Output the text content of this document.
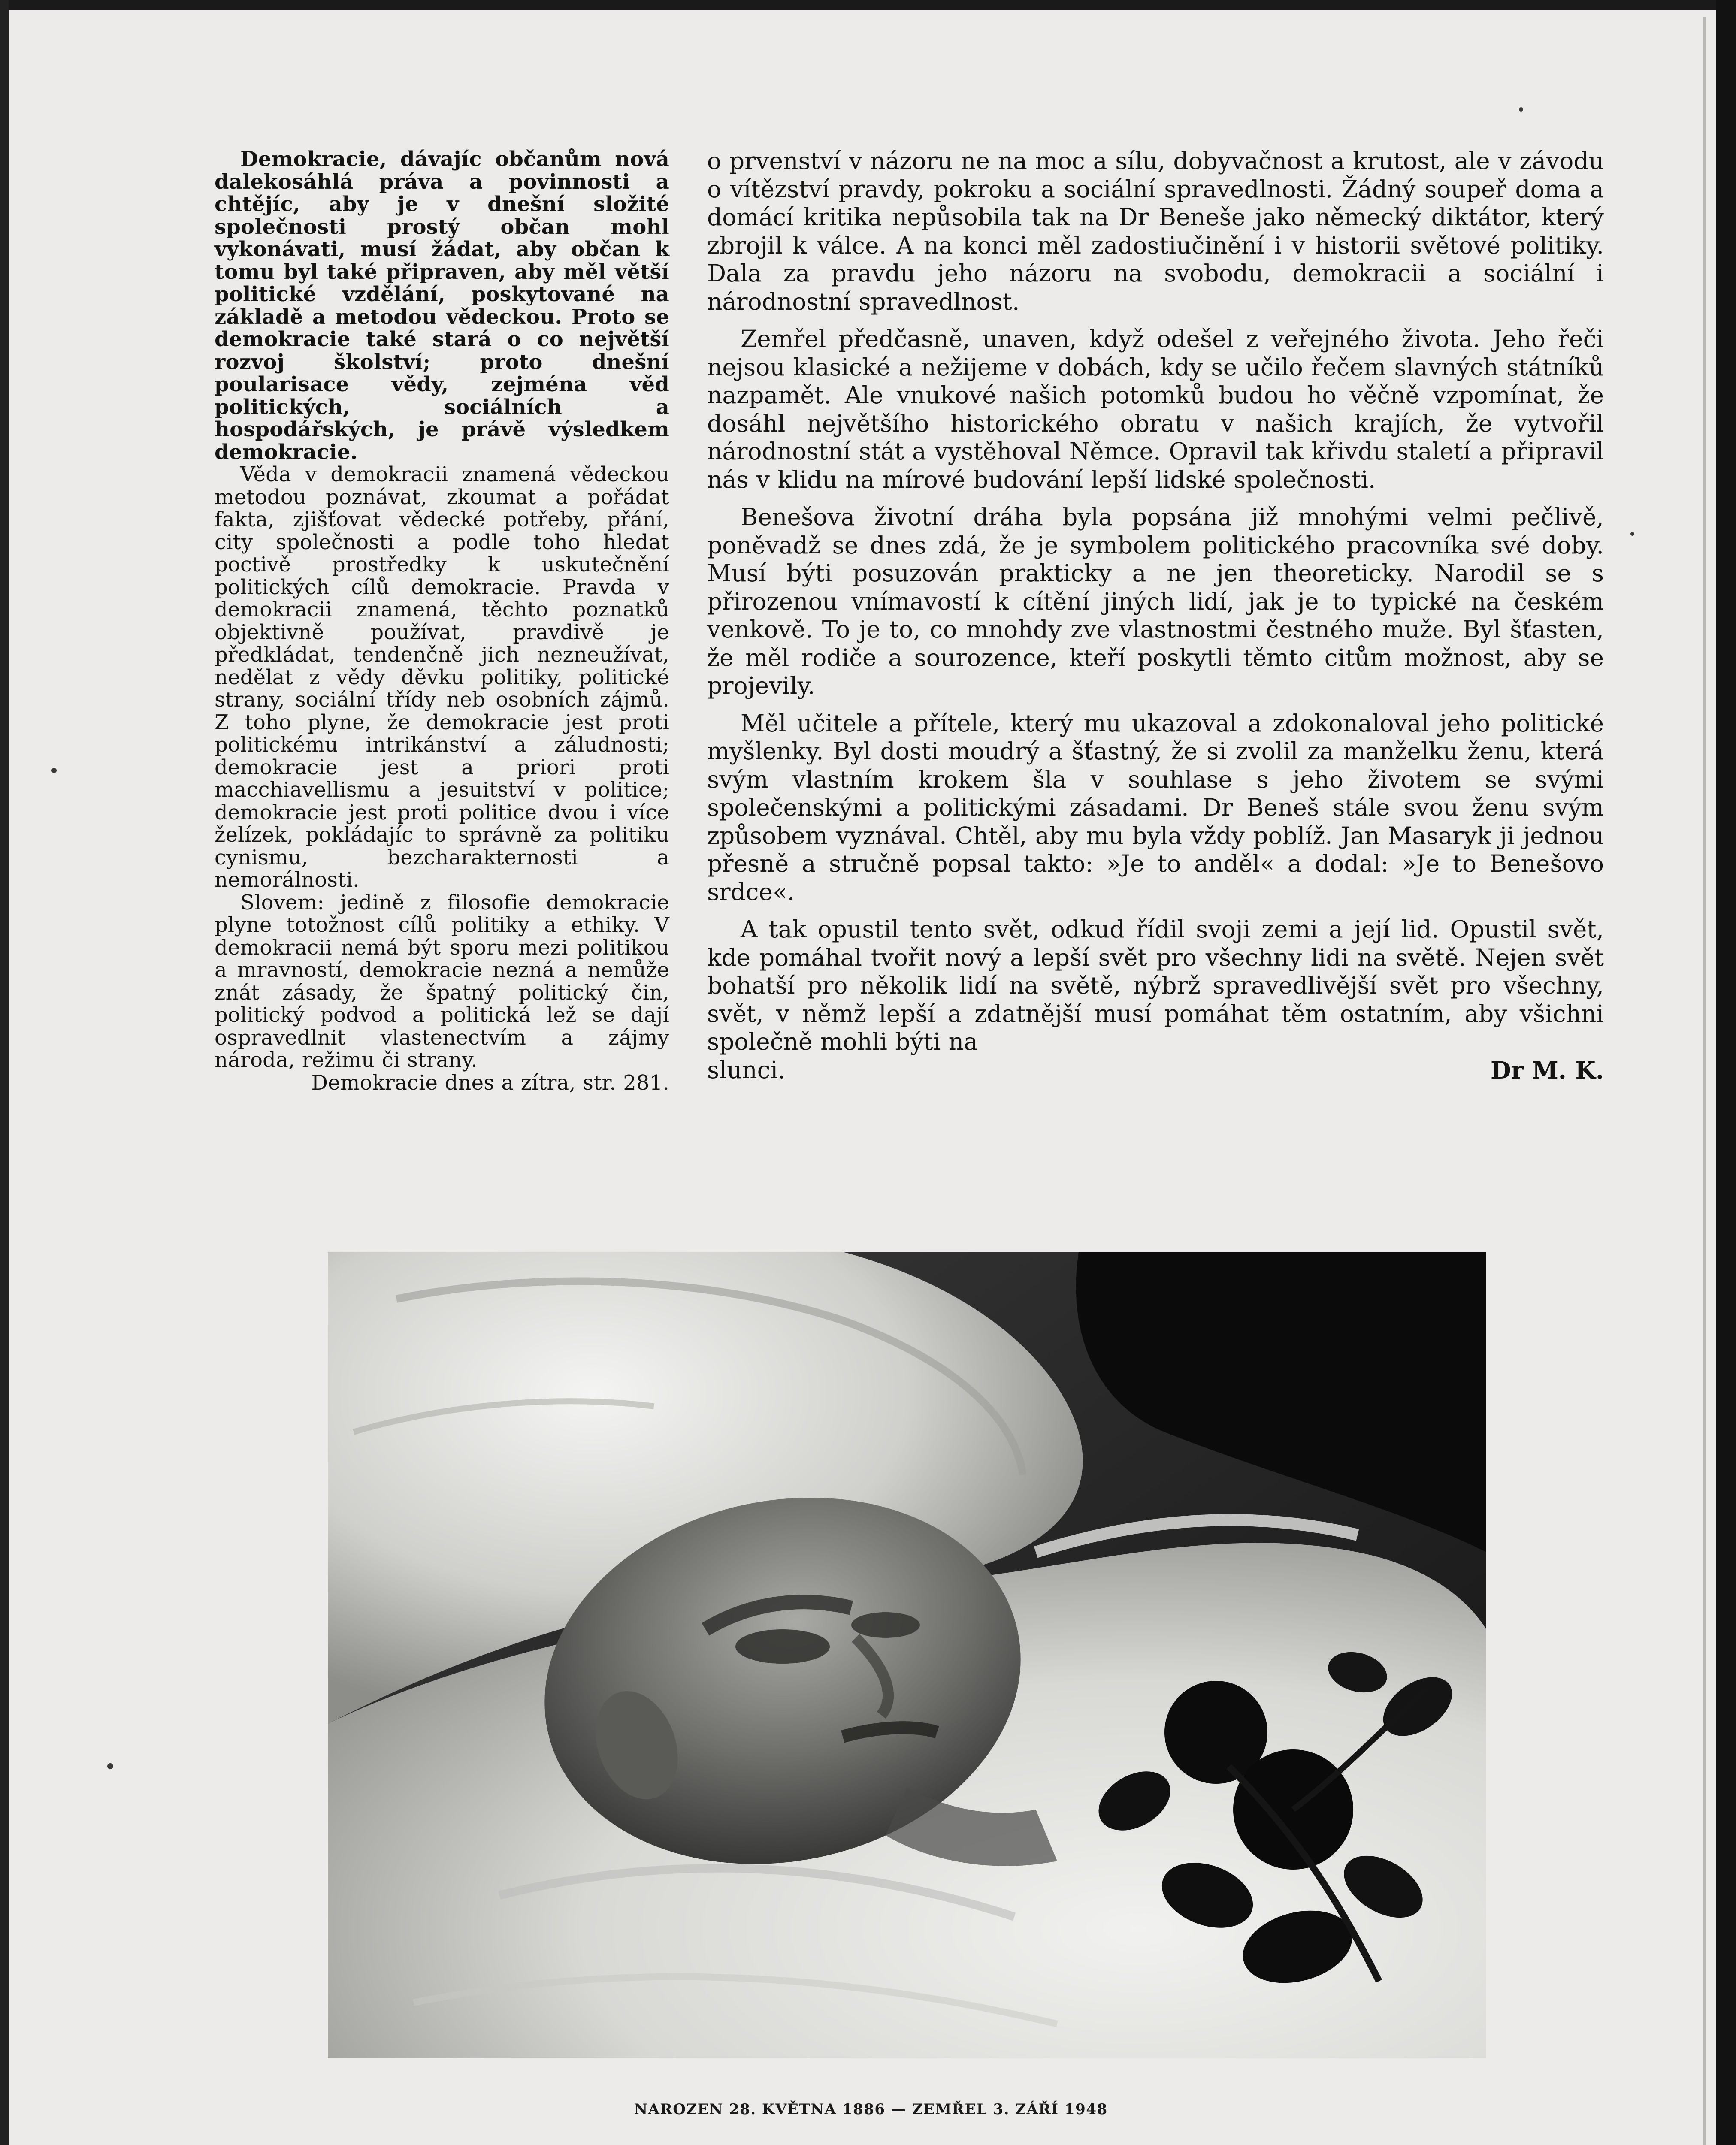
Demokracie, dávajíc občanům nová dalekosáhlá práva a povinnosti a chtějíc, aby je v dnešní složité společnosti prostý občan mohl vykonávati, musí žádat, aby občan k tomu byl také připraven, aby měl větší politické vzdělání, poskytované na základě a metodou vědeckou. Proto se demokracie také stará o co největší rozvoj školství; proto dnešní poularisace vědy, zejména věd politických, sociálních a hospodářských, je právě výsledkem demokracie.

Věda v demokracii znamená vědeckou metodou poznávat, zkoumat a pořádat fakta, zjišťovat vědecké potřeby, přání, city společnosti a podle toho hledat poctivě prostředky k uskutečnění politických cílů demokracie. Pravda v demokracii znamená, těchto poznatků objektivně používat, pravdivě je předkládat, tendenčně jich nezneužívat, nedělat z vědy děvku politiky, politické strany, sociální třídy neb osobních zájmů. Z toho plyne, že demokracie jest proti politickému intrikánství a záludnosti; demokracie jest a priori proti macchiavellismu a jesuitství v politice; demokracie jest proti politice dvou i více želízek, pokládajíc to správně za politiku cynismu, bezcharakternosti a nemorálnosti.

Slovem: jedině z filosofie demokracie plyne totožnost cílů politiky a ethiky. V demokracii nemá být sporu mezi politikou a mravností, demokracie nezná a nemůže znát zásady, že špatný politický čin, politický podvod a politická lež se dají ospravedlnit vlastenectvím a zájmy národa, režimu či strany.

Demokracie dnes a zítra, str. 281.

o prvenství v názoru ne na moc a sílu, dobyvačnost a krutost, ale v závodu o vítězství pravdy, pokroku a sociální spravedlnosti. Žádný soupeř doma a domácí kritika nepůsobila tak na Dr Beneše jako německý diktátor, který zbrojil k válce. A na konci měl zadostiučinění i v historii světové politiky. Dala za pravdu jeho názoru na svobodu, demokracii a sociální i národnostní spravedlnost.

Zemřel předčasně, unaven, když odešel z veřejného života. Jeho řeči nejsou klasické a nežijeme v dobách, kdy se učilo řečem slavných státníků nazpamět. Ale vnukové našich potomků budou ho věčně vzpomínat, že dosáhl největšího historického obratu v našich krajích, že vytvořil národnostní stát a vystěhoval Němce. Opravil tak křivdu staletí a připravil nás v klidu na mírové budování lepší lidské společnosti.

Benešova životní dráha byla popsána již mnohými velmi pečlivě, poněvadž se dnes zdá, že je symbolem politického pracovníka své doby. Musí býti posuzován prakticky a ne jen theoreticky. Narodil se s přirozenou vnímavostí k cítění jiných lidí, jak je to typické na českém venkově. To je to, co mnohdy zve vlastnostmi čestného muže. Byl šťasten, že měl rodiče a sourozence, kteří poskytli těmto citům možnost, aby se projevily.

Měl učitele a přítele, který mu ukazoval a zdokonaloval jeho politické myšlenky. Byl dosti moudrý a šťastný, že si zvolil za manželku ženu, která svým vlastním krokem šla v souhlase s jeho životem se svými společenskými a politickými zásadami. Dr Beneš stále svou ženu svým způsobem vyznával. Chtěl, aby mu byla vždy poblíž. Jan Masaryk ji jednou přesně a stručně popsal takto: »Je to anděl« a dodal: »Je to Benešovo srdce«.

A tak opustil tento svět, odkud řídil svoji zemi a její lid. Opustil svět, kde pomáhal tvořit nový a lepší svět pro všechny lidi na světě. Nejen svět bohatší pro několik lidí na světě, nýbrž spravedlivější svět pro všechny, svět, v němž lepší a zdatnější musí pomáhat těm ostatním, aby všichni společně mohli býti na

slunci.	Dr M. K.
NAROZEN 28. KVĚTNA 1886 — ZEMŘEL 3. ZÁŘÍ 1948
